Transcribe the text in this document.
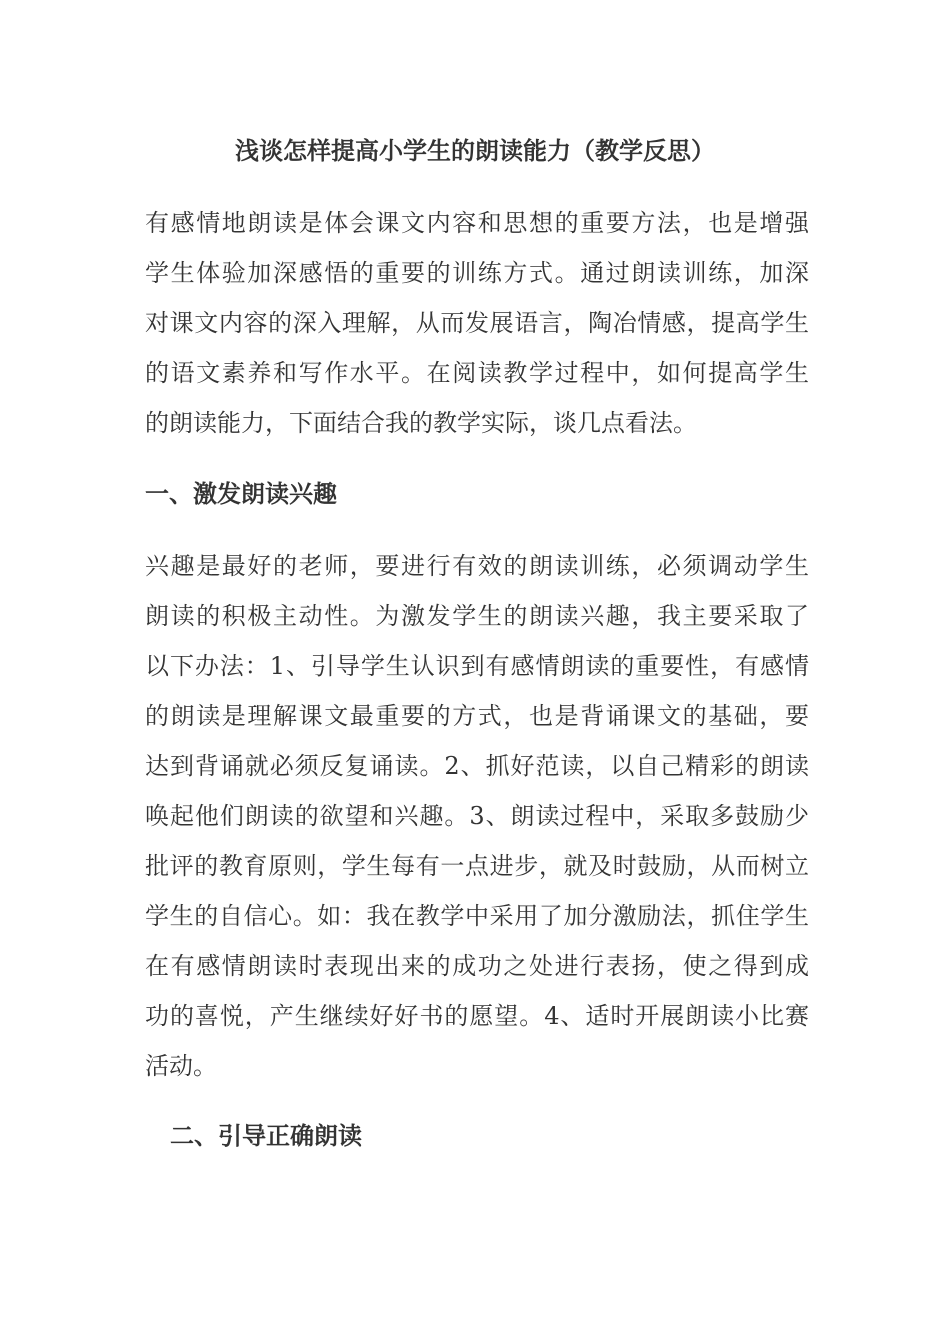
浅谈怎样提高小学生的朗读能力（教学反思）
有感情地朗读是体会课文内容和思想的重要方法，也是增强
学生体验加深感悟的重要的训练方式。通过朗读训练，加深
对课文内容的深入理解，从而发展语言，陶冶情感，提高学生
的语文素养和写作水平。在阅读教学过程中，如何提高学生
的朗读能力，下面结合我的教学实际，谈几点看法。
一、激发朗读兴趣
兴趣是最好的老师，要进行有效的朗读训练，必须调动学生
朗读的积极主动性。为激发学生的朗读兴趣，我主要采取了
以下办法：1、引导学生认识到有感情朗读的重要性，有感情
的朗读是理解课文最重要的方式，也是背诵课文的基础，要
达到背诵就必须反复诵读。2、抓好范读，以自己精彩的朗读
唤起他们朗读的欲望和兴趣。3、朗读过程中，采取多鼓励少
批评的教育原则，学生每有一点进步，就及时鼓励，从而树立
学生的自信心。如：我在教学中采用了加分激励法，抓住学生
在有感情朗读时表现出来的成功之处进行表扬，使之得到成
功的喜悦，产生继续好好书的愿望。4、适时开展朗读小比赛
活动。
二、引导正确朗读
